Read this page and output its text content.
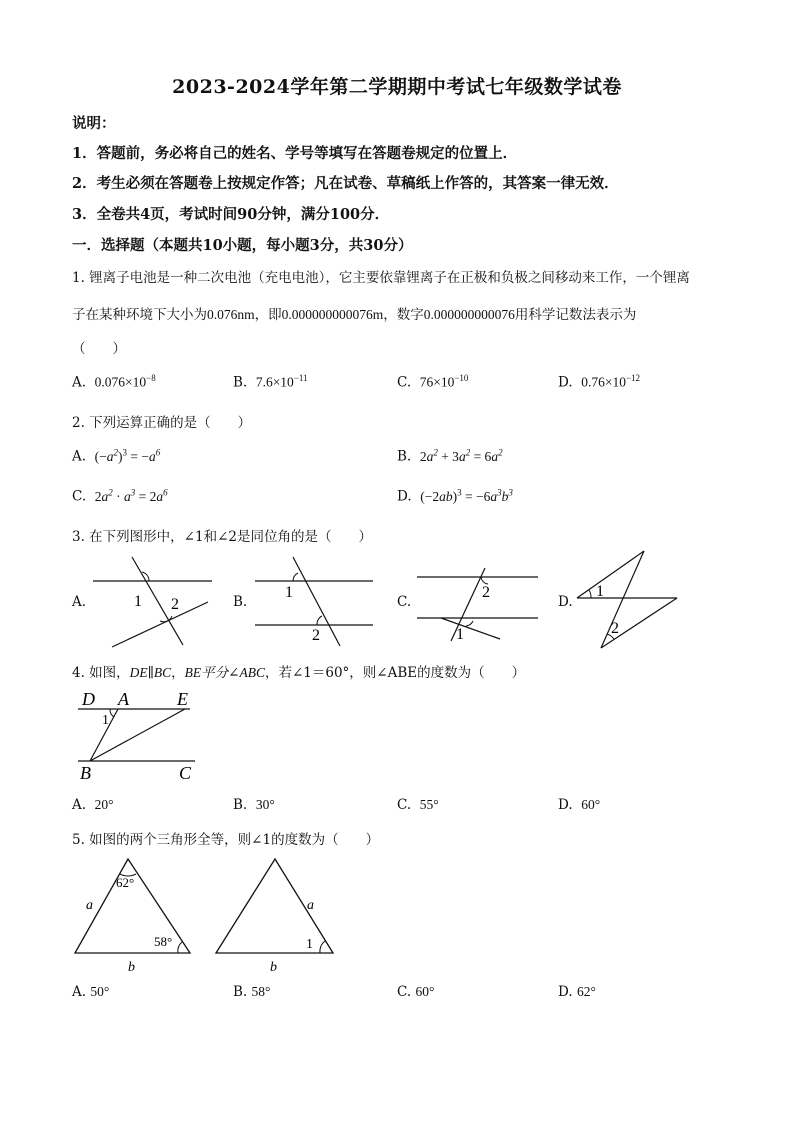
2023-2024学年第二学期期中考试七年级数学试卷
说明：
1．答题前，务必将自己的姓名、学号等填写在答题卷规定的位置上．
2．考生必须在答题卷上按规定作答；凡在试卷、草稿纸上作答的，其答案一律无效．
3．全卷共4页，考试时间90分钟，满分100分．
一．选择题（本题共10小题，每小题3分，共30分）
1. 锂离子电池是一种二次电池（充电电池），它主要依靠锂离子在正极和负极之间移动来工作，一个锂离
子在某种环境下大小为0.076nm，即0.000000000076m，数字0.000000000076用科学记数法表示为
（　　）
A. $0.076\times 10^{-8}$	B. $7.6\times 10^{-11}$	C. $76\times 10^{-10}$	D. $0.76\times 10^{-12}$
2. 下列运算正确的是（　　）
A. $(-a^2)^3 = -a^6$	B. $2a^2 + 3a^2 = 6a^2$
C. $2a^2 \cdot a^3 = 2a^6$	D. $(-2ab)^3 = -6a^3b^3$
3. 在下列图形中，∠1和∠2是同位角的是（　　）
A.	1 2	B.
1
2
C.
2
1
D.
1
2
4. 如图，DE∥BC，BE平分∠ABC，若∠1＝60°，则∠ABE的度数为（　　）
D A	E
B	C
1
A. 20°	B. 30°	C. 55°	D. 60°
5. 如图的两个三角形全等，则∠1的度数为（　　）
62°
58°
a
b
a
b
1
A. 50°	B. 58°	C. 60°	D. 62°
